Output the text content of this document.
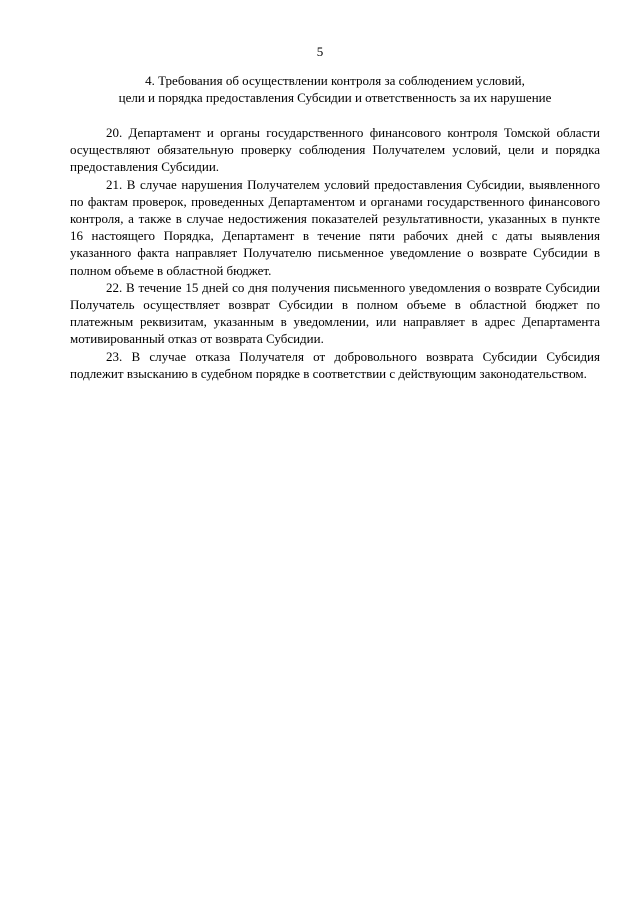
5
4. Требования об осуществлении контроля за соблюдением условий,
цели и порядка предоставления Субсидии и ответственность за их нарушение

20. Департамент и органы государственного финансового контроля Томской области осуществляют обязательную проверку соблюдения Получателем условий, цели и порядка предоставления Субсидии.

21. В случае нарушения Получателем условий предоставления Субсидии, выявленного по фактам проверок, проведенных Департаментом и органами государственного финансового контроля, а также в случае недостижения показателей результативности, указанных в пункте 16 настоящего Порядка, Департамент в течение пяти рабочих дней с даты выявления указанного факта направляет Получателю письменное уведомление о возврате Субсидии в полном объеме в областной бюджет.

22. В течение 15 дней со дня получения письменного уведомления о возврате Субсидии Получатель осуществляет возврат Субсидии в полном объеме в областной бюджет по платежным реквизитам, указанным в уведомлении, или направляет в адрес Департамента мотивированный отказ от возврата Субсидии.

23. В случае отказа Получателя от добровольного возврата Субсидии Субсидия подлежит взысканию в судебном порядке в соответствии с действующим законодательством.
